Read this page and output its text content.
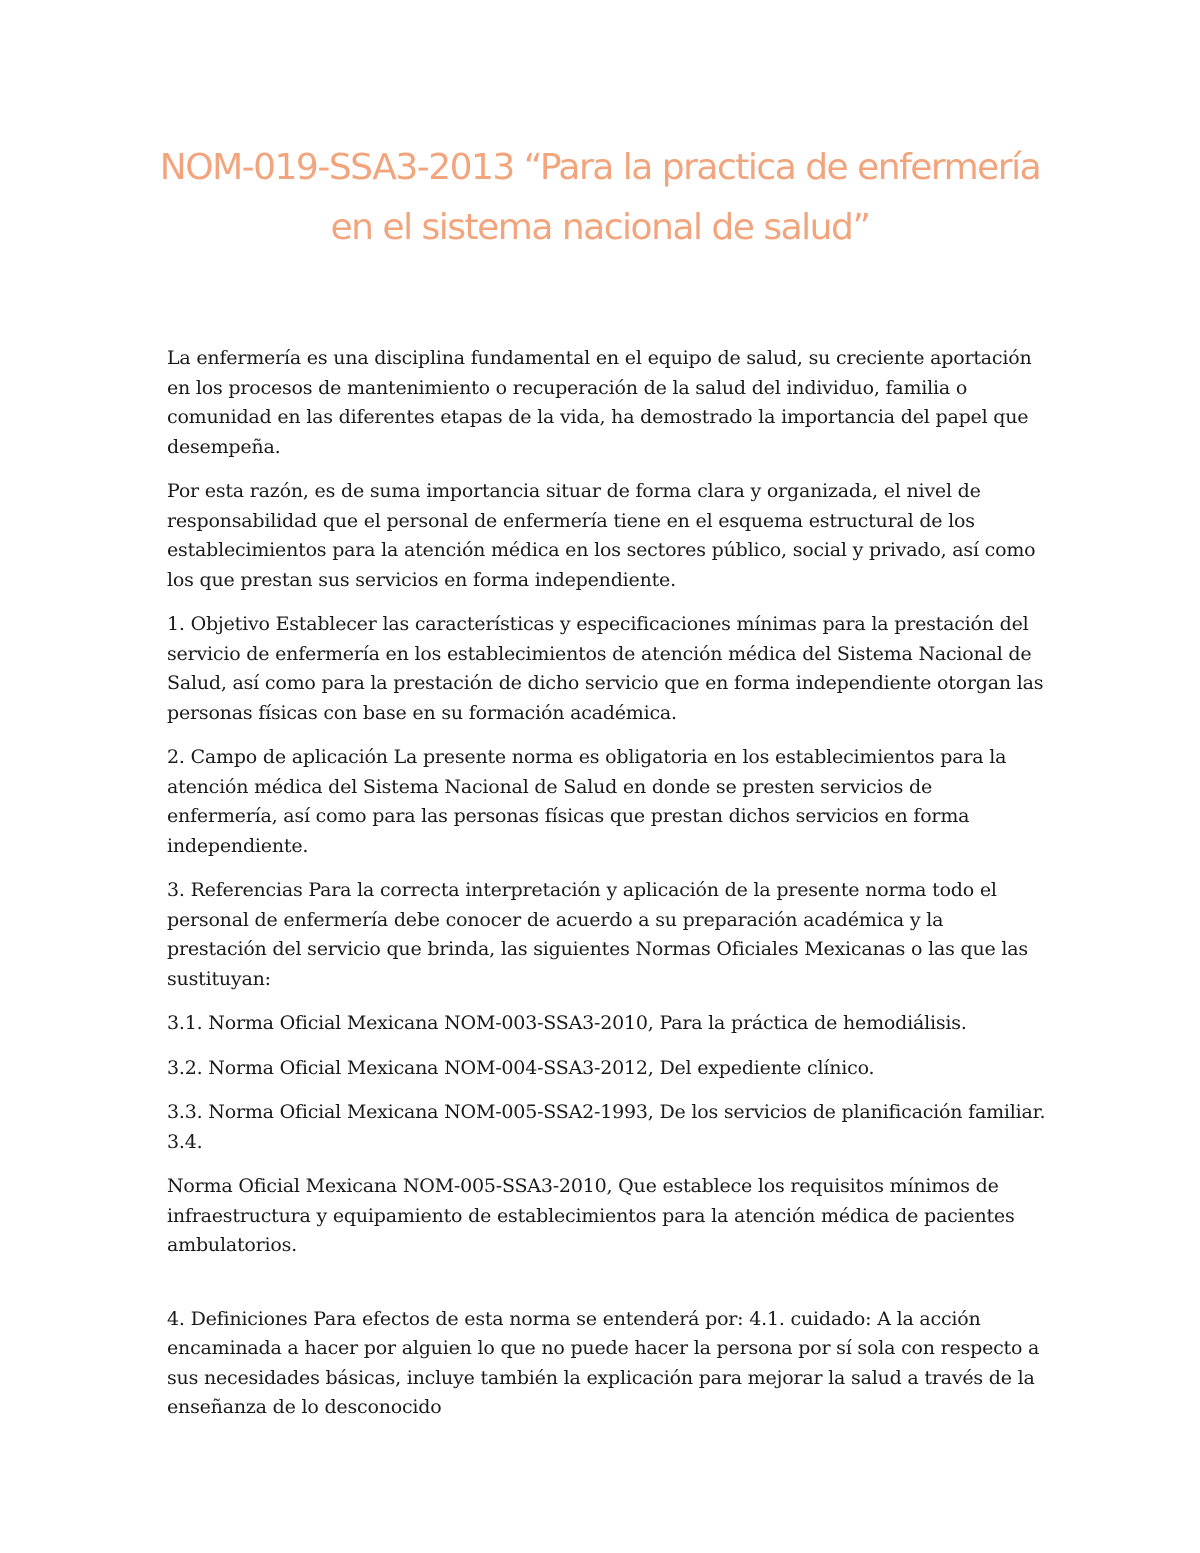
NOM-019-SSA3-2013 “Para la practica de enfermería
en el sistema nacional de salud”

La enfermería es una disciplina fundamental en el equipo de salud, su creciente aportación en los procesos de mantenimiento o recuperación de la salud del individuo, familia o comunidad en las diferentes etapas de la vida, ha demostrado la importancia del papel que desempeña.

Por esta razón, es de suma importancia situar de forma clara y organizada, el nivel de responsabilidad que el personal de enfermería tiene en el esquema estructural de los establecimientos para la atención médica en los sectores público, social y privado, así como los que prestan sus servicios en forma independiente.

1. Objetivo Establecer las características y especificaciones mínimas para la prestación del servicio de enfermería en los establecimientos de atención médica del Sistema Nacional de Salud, así como para la prestación de dicho servicio que en forma independiente otorgan las personas físicas con base en su formación académica.

2. Campo de aplicación La presente norma es obligatoria en los establecimientos para la atención médica del Sistema Nacional de Salud en donde se presten servicios de enfermería, así como para las personas físicas que prestan dichos servicios en forma independiente.

3. Referencias Para la correcta interpretación y aplicación de la presente norma todo el personal de enfermería debe conocer de acuerdo a su preparación académica y la prestación del servicio que brinda, las siguientes Normas Oficiales Mexicanas o las que las sustituyan:

3.1. Norma Oficial Mexicana NOM-003-SSA3-2010, Para la práctica de hemodiálisis.

3.2. Norma Oficial Mexicana NOM-004-SSA3-2012, Del expediente clínico.

3.3. Norma Oficial Mexicana NOM-005-SSA2-1993, De los servicios de planificación familiar. 3.4.

Norma Oficial Mexicana NOM-005-SSA3-2010, Que establece los requisitos mínimos de infraestructura y equipamiento de establecimientos para la atención médica de pacientes ambulatorios.

4. Definiciones Para efectos de esta norma se entenderá por: 4.1. cuidado: A la acción encaminada a hacer por alguien lo que no puede hacer la persona por sí sola con respecto a sus necesidades básicas, incluye también la explicación para mejorar la salud a través de la enseñanza de lo desconocido
